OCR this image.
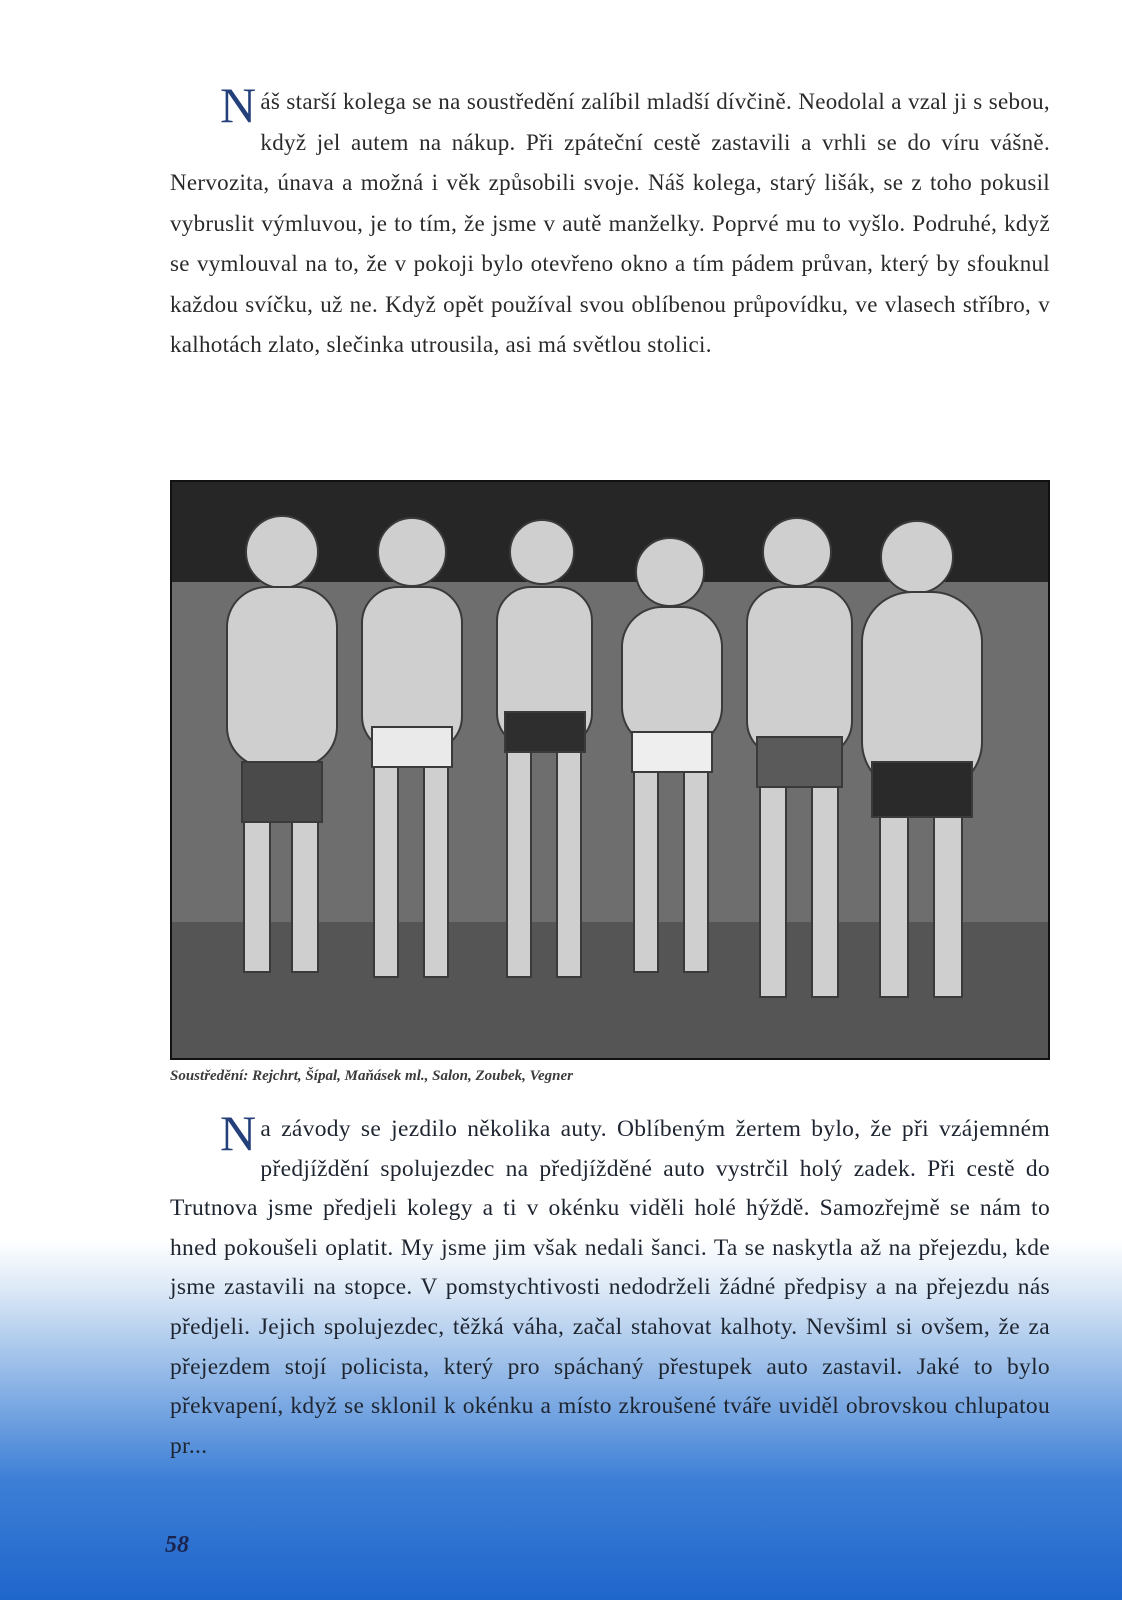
Náš starší kolega se na soustředění zalíbil mladší dívčině. Neodolal a vzal ji s sebou, když jel autem na nákup. Při zpáteční cestě zastavili a vrhli se do víru vášně. Nervozita, únava a možná i věk způsobili svoje. Náš kolega, starý lišák, se z toho pokusil vybruslit výmluvou, je to tím, že jsme v autě manželky. Poprvé mu to vyšlo. Podruhé, když se vymlouval na to, že v pokoji bylo otevřeno okno a tím pádem průvan, který by sfouknul každou svíčku, už ne. Když opět používal svou oblíbenou průpovídku, ve vlasech stříbro, v kalhotách zlato, slečinka utrousila, asi má světlou stolici.
Soustředění: Rejchrt, Šípal, Maňásek ml., Salon, Zoubek, Vegner
Na závody se jezdilo několika auty. Oblíbeným žertem bylo, že při vzájemném předjíždění spolujezdec na předjížděné auto vystrčil holý zadek. Při cestě do Trutnova jsme předjeli kolegy a ti v okénku viděli holé hýždě. Samozřejmě se nám to hned pokoušeli oplatit. My jsme jim však nedali šanci. Ta se naskytla až na přejezdu, kde jsme zastavili na stopce. V pomstychtivosti nedodrželi žádné předpisy a na přejezdu nás předjeli. Jejich spolujezdec, těžká váha, začal stahovat kalhoty. Nevšiml si ovšem, že za přejezdem stojí policista, který pro spáchaný přestupek auto zastavil. Jaké to bylo překvapení, když se sklonil k okénku a místo zkroušené tváře uviděl obrovskou chlupatou pr...
58
